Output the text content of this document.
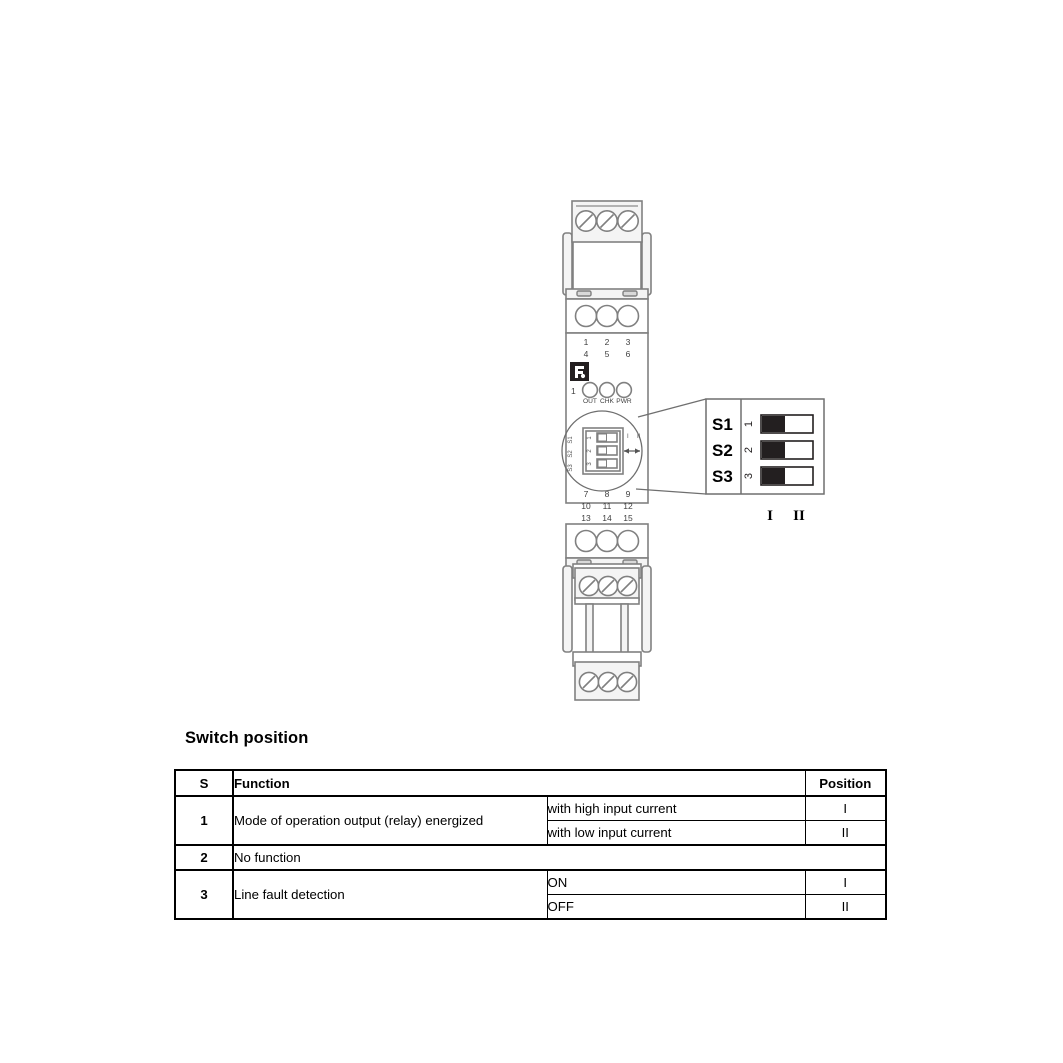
1 2 3
4 5 6
1
OUT CHK PWR
S1
S2
S3
1
2
3
I II
7 8 9
10 11 12
13 14 15
S1
S2
S3
1
2
3
I II
Switch position
S	Function		Position
1	Mode of operation output (relay) energized	with high input current	I
		with low input current	II
2	No function		
3	Line fault detection	ON	I
		OFF	II
